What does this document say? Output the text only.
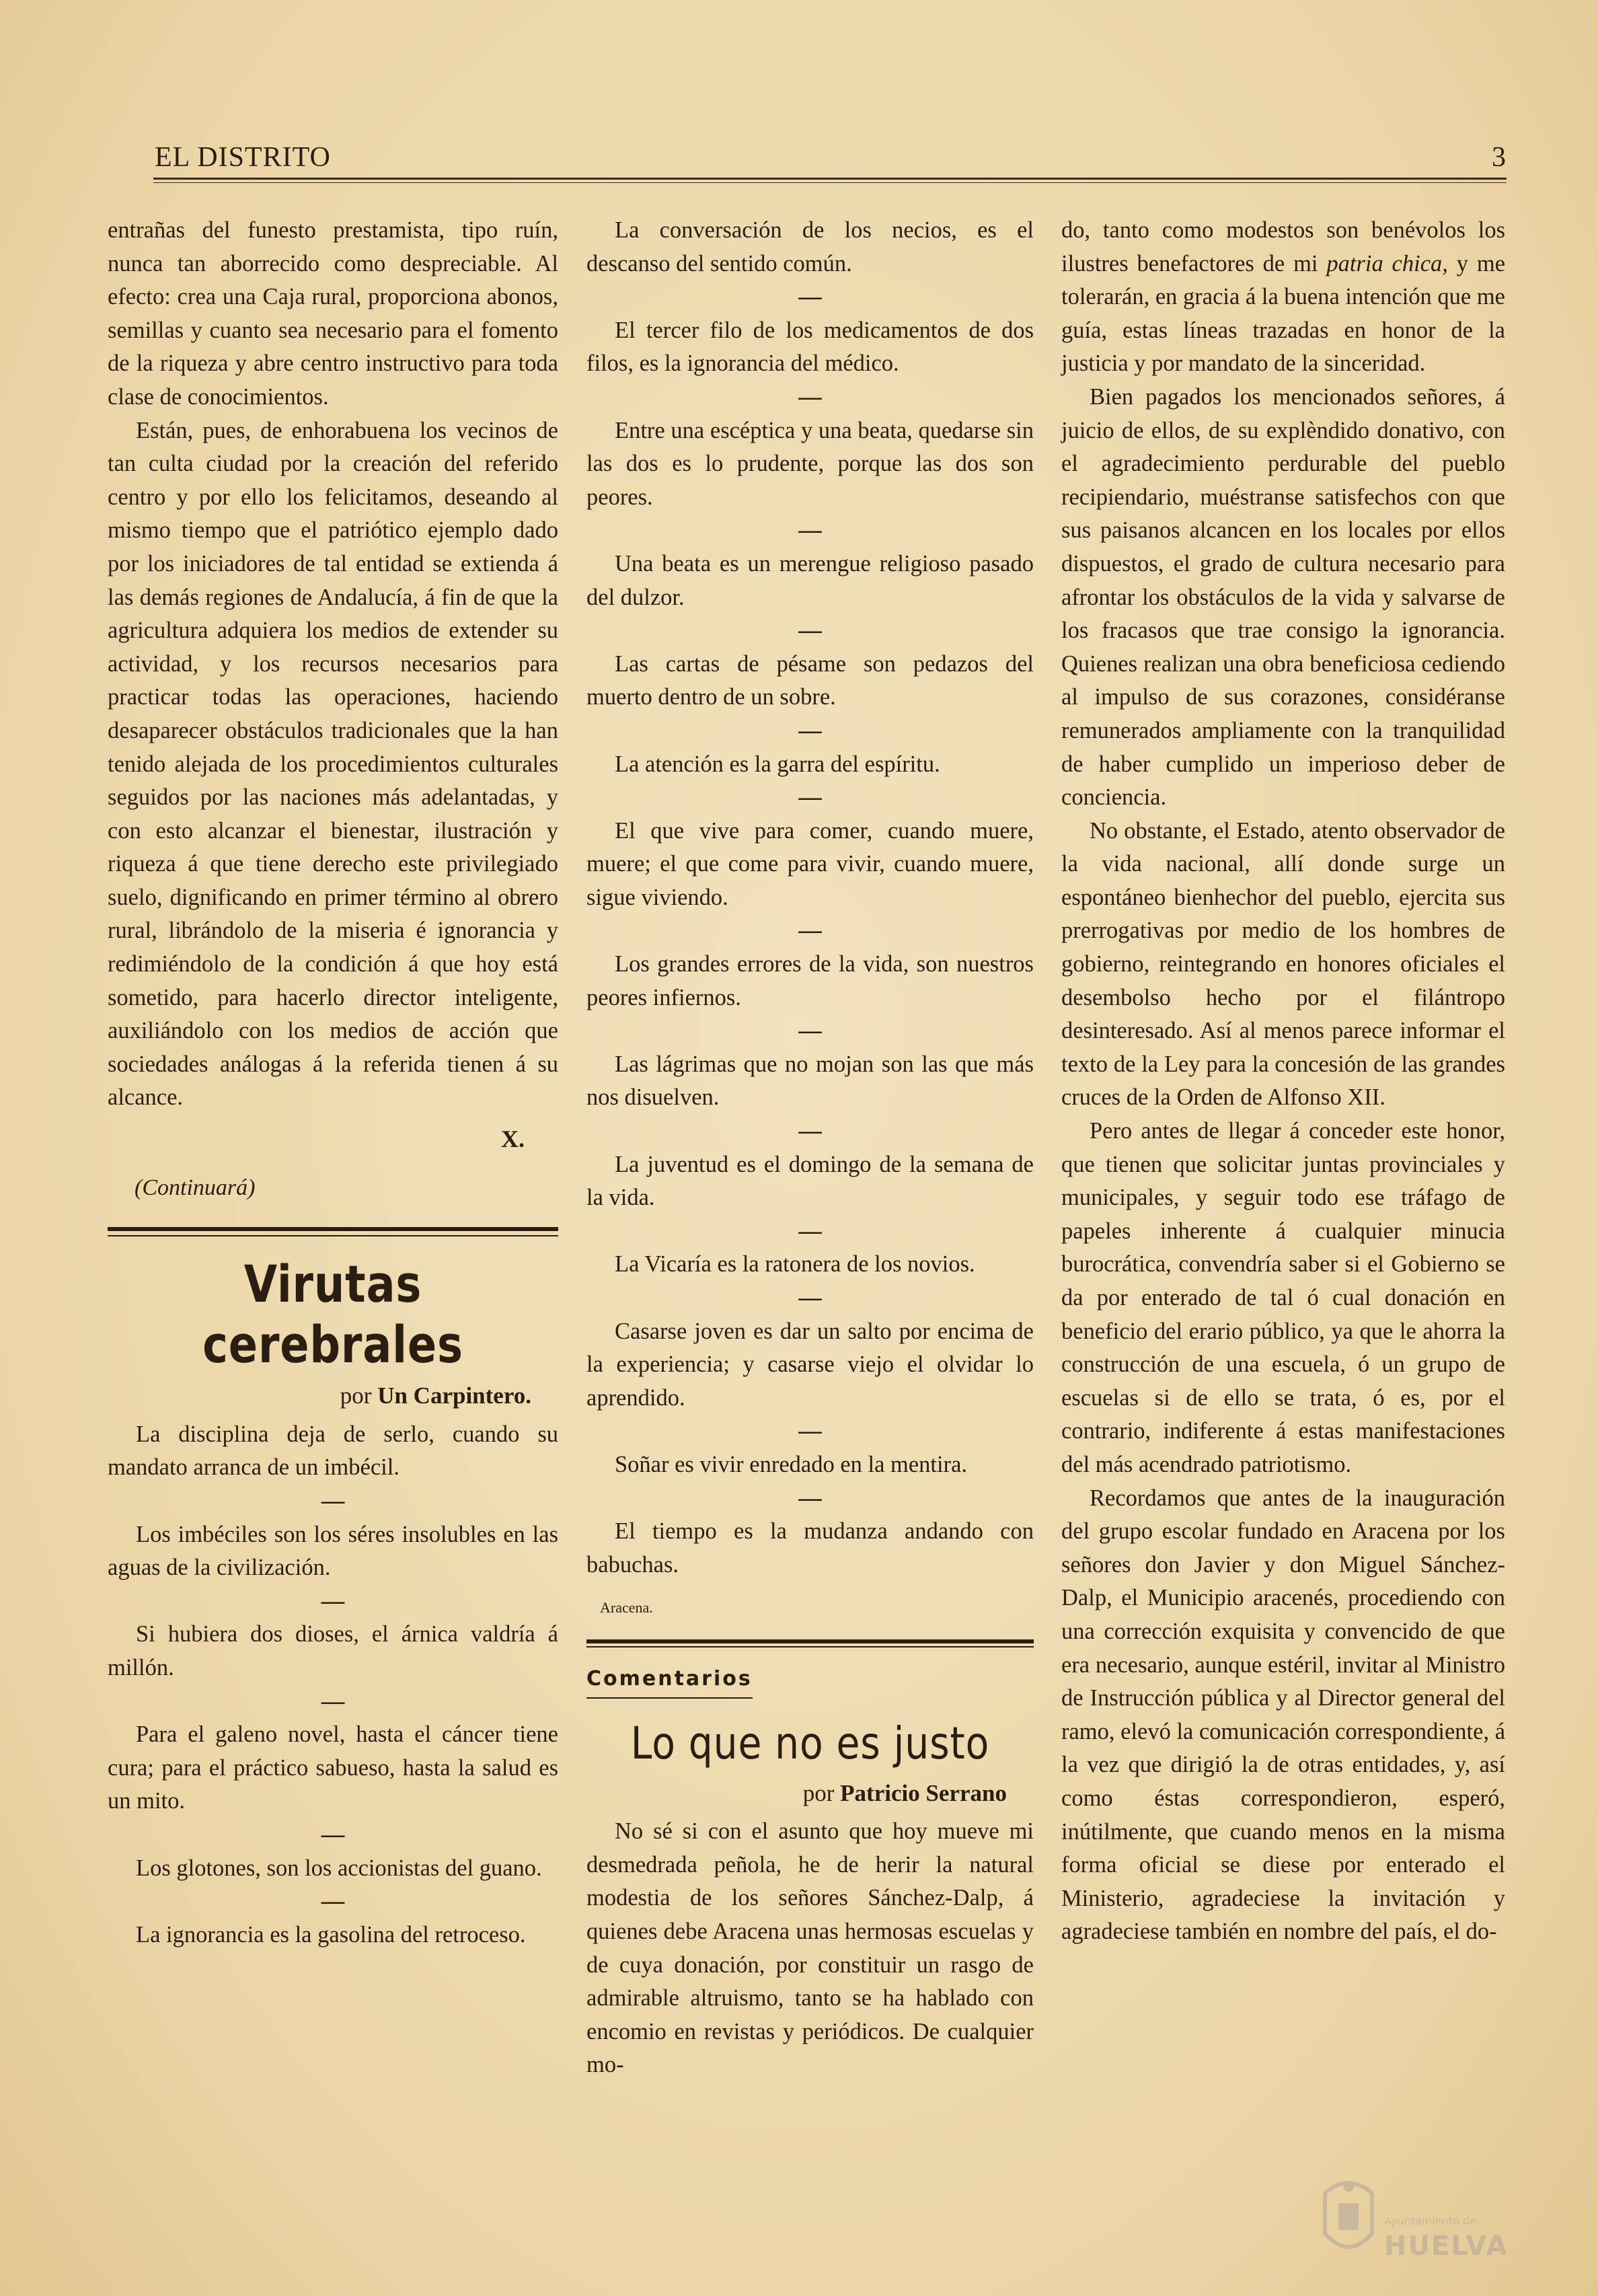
EL DISTRITO	3

entrañas del funesto prestamista, tipo ruín, nunca tan aborrecido como despreciable. Al efecto: crea una Caja rural, proporciona abonos, semillas y cuanto sea necesario para el fomento de la riqueza y abre centro instructivo para toda clase de conocimientos.

Están, pues, de enhorabuena los vecinos de tan culta ciudad por la creación del referido centro y por ello los felicitamos, deseando al mismo tiempo que el patriótico ejemplo dado por los iniciadores de tal entidad se extienda á las demás regiones de Andalucía, á fin de que la agricultura adquiera los medios de extender su actividad, y los recursos necesarios para practicar todas las operaciones, haciendo desaparecer obstáculos tradicionales que la han tenido alejada de los procedimientos culturales seguidos por las naciones más adelantadas, y con esto alcanzar el bienestar, ilustración y riqueza á que tiene derecho este privilegiado suelo, dignificando en primer término al obrero rural, librándolo de la miseria é ignorancia y redimiéndolo de la condición á que hoy está sometido, para hacerlo director inteligente, auxiliándolo con los medios de acción que sociedades análogas á la referida tienen á su alcance.

X.
(Continuará)
Virutas cerebrales
por Un Carpintero.

La disciplina deja de serlo, cuando su mandato arranca de un imbécil.

—

Los imbéciles son los séres insolubles en las aguas de la civilización.

—

Si hubiera dos dioses, el árnica valdría á millón.

—

Para el galeno novel, hasta el cáncer tiene cura; para el práctico sabueso, hasta la salud es un mito.

—

Los glotones, son los accionistas del guano.

—

La ignorancia es la gasolina del retroceso.

La conversación de los necios, es el descanso del sentido común.

—

El tercer filo de los medicamentos de dos filos, es la ignorancia del médico.

—

Entre una escéptica y una beata, quedarse sin las dos es lo prudente, porque las dos son peores.

—

Una beata es un merengue religioso pasado del dulzor.

—

Las cartas de pésame son pedazos del muerto dentro de un sobre.

—

La atención es la garra del espíritu.

—

El que vive para comer, cuando muere, muere; el que come para vivir, cuando muere, sigue viviendo.

—

Los grandes errores de la vida, son nuestros peores infiernos.

—

Las lágrimas que no mojan son las que más nos disuelven.

—

La juventud es el domingo de la semana de la vida.

—

La Vicaría es la ratonera de los novios.

—

Casarse joven es dar un salto por encima de la experiencia; y casarse viejo el olvidar lo aprendido.

—

Soñar es vivir enredado en la mentira.

—

El tiempo es la mudanza andando con babuchas.

Aracena.
Comentarios
Lo que no es justo
por Patricio Serrano

No sé si con el asunto que hoy mueve mi desmedrada peñola, he de herir la natural modestia de los señores Sánchez-Dalp, á quienes debe Aracena unas hermosas escuelas y de cuya donación, por constituir un rasgo de admirable altruismo, tanto se ha hablado con encomio en revistas y periódicos. De cualquier mo-

do, tanto como modestos son benévolos los ilustres benefactores de mi patria chica, y me tolerarán, en gracia á la buena intención que me guía, estas líneas trazadas en honor de la justicia y por mandato de la sinceridad.

Bien pagados los mencionados señores, á juicio de ellos, de su explèndido donativo, con el agradecimiento perdurable del pueblo recipiendario, muéstranse satisfechos con que sus paisanos alcancen en los locales por ellos dispuestos, el grado de cultura necesario para afrontar los obstáculos de la vida y salvarse de los fracasos que trae consigo la ignorancia. Quienes realizan una obra beneficiosa cediendo al impulso de sus corazones, considéranse remunerados ampliamente con la tranquilidad de haber cumplido un imperioso deber de conciencia.

No obstante, el Estado, atento observador de la vida nacional, allí donde surge un espontáneo bienhechor del pueblo, ejercita sus prerrogativas por medio de los hombres de gobierno, reintegrando en honores oficiales el desembolso hecho por el filántropo desinteresado. Así al menos parece informar el texto de la Ley para la concesión de las grandes cruces de la Orden de Alfonso XII.

Pero antes de llegar á conceder este honor, que tienen que solicitar juntas provinciales y municipales, y seguir todo ese tráfago de papeles inherente á cualquier minucia burocrática, convendría saber si el Gobierno se da por enterado de tal ó cual donación en beneficio del erario público, ya que le ahorra la construcción de una escuela, ó un grupo de escuelas si de ello se trata, ó es, por el contrario, indiferente á estas manifestaciones del más acendrado patriotismo.

Recordamos que antes de la inauguración del grupo escolar fundado en Aracena por los señores don Javier y don Miguel Sánchez-Dalp, el Municipio aracenés, procediendo con una corrección exquisita y convencido de que era necesario, aunque estéril, invitar al Ministro de Instrucción pública y al Director general del ramo, elevó la comunicación correspondiente, á la vez que dirigió la de otras entidades, y, así como éstas correspondieron, esperó, inútilmente, que cuando menos en la misma forma oficial se diese por enterado el Ministerio, agradeciese la invitación y agradeciese también en nombre del país, el do-

Ayuntamiento de
HUELVA
